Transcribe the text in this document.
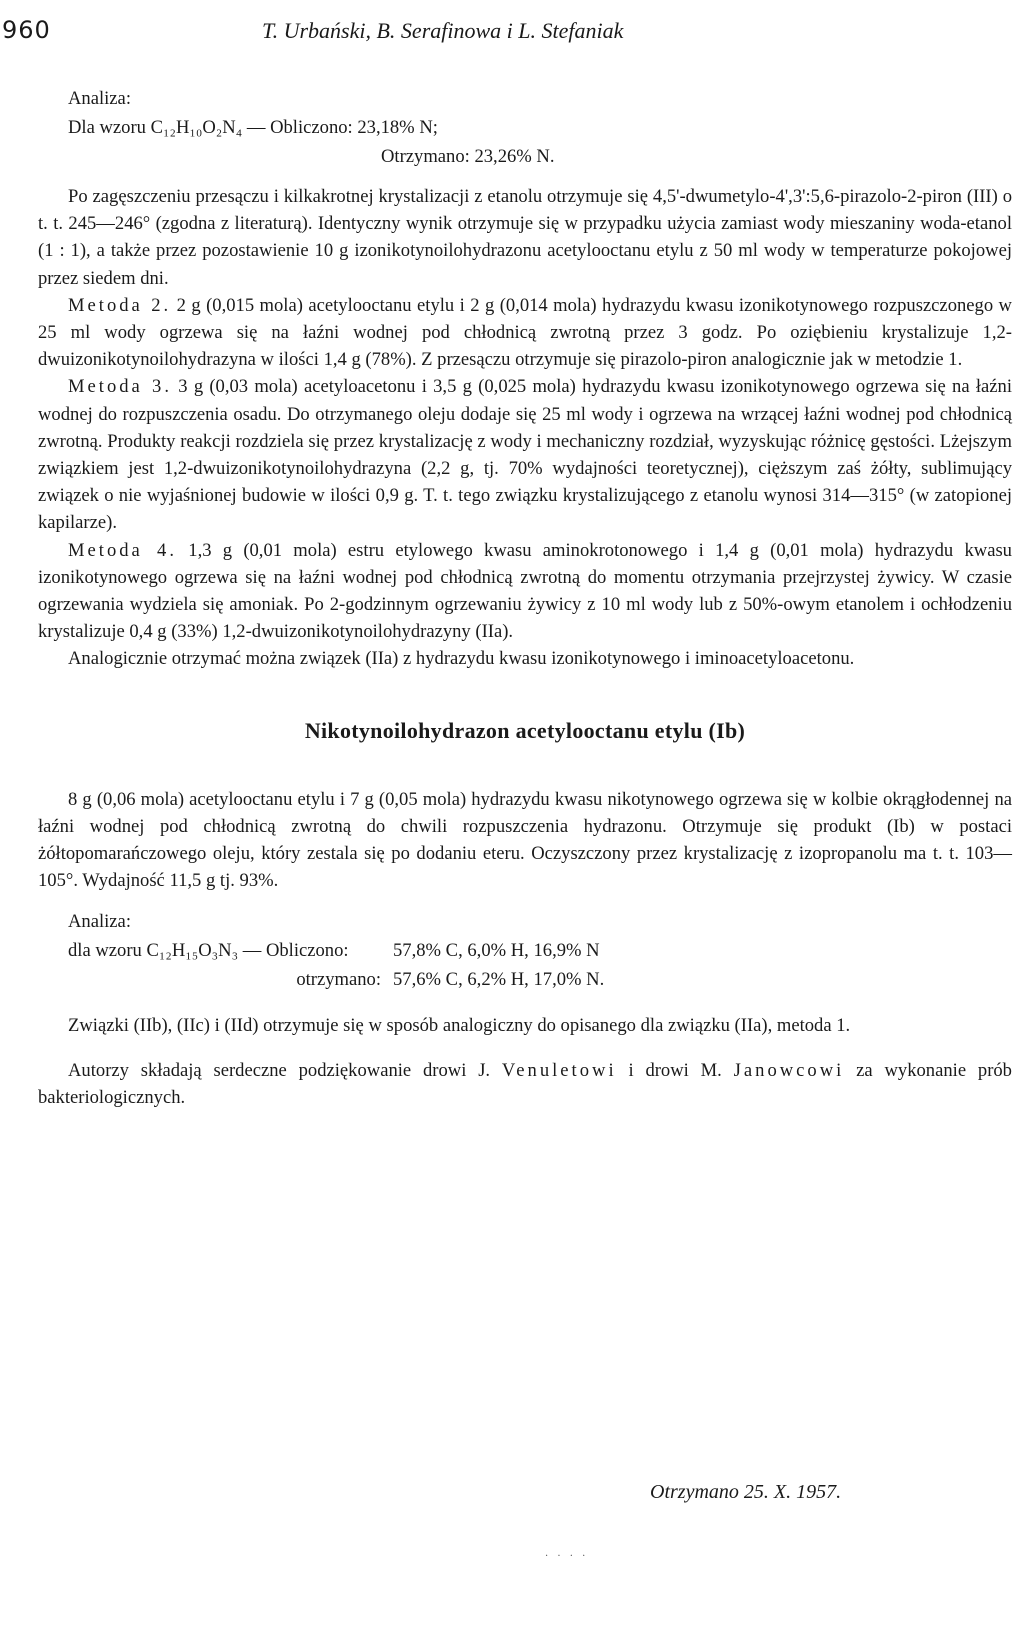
960	T. Urbański, B. Serafinowa i L. Stefaniak
Analiza:
Dla wzoru C₁₂H₁₀O₂N₄ — Obliczono: 23,18% N;
Otrzymano: 23,26% N.

Po zagęszczeniu przesączu i kilkakrotnej krystalizacji z etanolu otrzymuje się 4,5'-dwumetylo-4',3':5,6-pirazolo-2-piron (III) o t. t. 245—246° (zgodna z literaturą). Identyczny wynik otrzymuje się w przypadku użycia zamiast wody mieszaniny woda-etanol (1 : 1), a także przez pozostawienie 10 g izonikotynoilohydrazonu acetylooctanu etylu z 50 ml wody w temperaturze pokojowej przez siedem dni.

Metoda 2. 2 g (0,015 mola) acetylooctanu etylu i 2 g (0,014 mola) hydrazydu kwasu izonikotynowego rozpuszczonego w 25 ml wody ogrzewa się na łaźni wodnej pod chłodnicą zwrotną przez 3 godz. Po oziębieniu krystalizuje 1,2-dwuizonikotynoilohydrazyna w ilości 1,4 g (78%). Z przesączu otrzymuje się pirazolo-piron analogicznie jak w metodzie 1.

Metoda 3. 3 g (0,03 mola) acetyloacetonu i 3,5 g (0,025 mola) hydrazydu kwasu izonikotynowego ogrzewa się na łaźni wodnej do rozpuszczenia osadu. Do otrzymanego oleju dodaje się 25 ml wody i ogrzewa na wrzącej łaźni wodnej pod chłodnicą zwrotną. Produkty reakcji rozdziela się przez krystalizację z wody i mechaniczny rozdział, wyzyskując różnicę gęstości. Lżejszym związkiem jest 1,2-dwuizonikotynoilohydrazyna (2,2 g, tj. 70% wydajności teoretycznej), cięższym zaś żółty, sublimujący związek o nie wyjaśnionej budowie w ilości 0,9 g. T. t. tego związku krystalizującego z etanolu wynosi 314—315° (w zatopionej kapilarze).

Metoda 4. 1,3 g (0,01 mola) estru etylowego kwasu aminokrotonowego i 1,4 g (0,01 mola) hydrazydu kwasu izonikotynowego ogrzewa się na łaźni wodnej pod chłodnicą zwrotną do momentu otrzymania przejrzystej żywicy. W czasie ogrzewania wydziela się amoniak. Po 2-godzinnym ogrzewaniu żywicy z 10 ml wody lub z 50%-owym etanolem i ochłodzeniu krystalizuje 0,4 g (33%) 1,2-dwuizonikotynoilohydrazyny (IIa).

Analogicznie otrzymać można związek (IIa) z hydrazydu kwasu izonikotynowego i iminoacetyloacetonu.

Nikotynoilohydrazon acetylooctanu etylu (Ib)

8 g (0,06 mola) acetylooctanu etylu i 7 g (0,05 mola) hydrazydu kwasu nikotynowego ogrzewa się w kolbie okrągłodennej na łaźni wodnej pod chłodnicą zwrotną do chwili rozpuszczenia hydrazonu. Otrzymuje się produkt (Ib) w postaci żółtopomarańczowego oleju, który zestala się po dodaniu eteru. Oczyszczony przez krystalizację z izopropanolu ma t. t. 103—105°. Wydajność 11,5 g tj. 93%.

Analiza:
dla wzoru C₁₂H₁₅O₃N₃ — Obliczono:	57,8% C, 6,0% H, 16,9% N
otrzymano: 57,6% C, 6,2% H, 17,0% N.

Związki (IIb), (IIc) i (IId) otrzymuje się w sposób analogiczny do opisanego dla związku (IIa), metoda 1.

Autorzy składają serdeczne podziękowanie drowi J. Venuletowi i drowi M. Janowcowi za wykonanie prób bakteriologicznych.

Otrzymano 25. X. 1957.
. . . .
